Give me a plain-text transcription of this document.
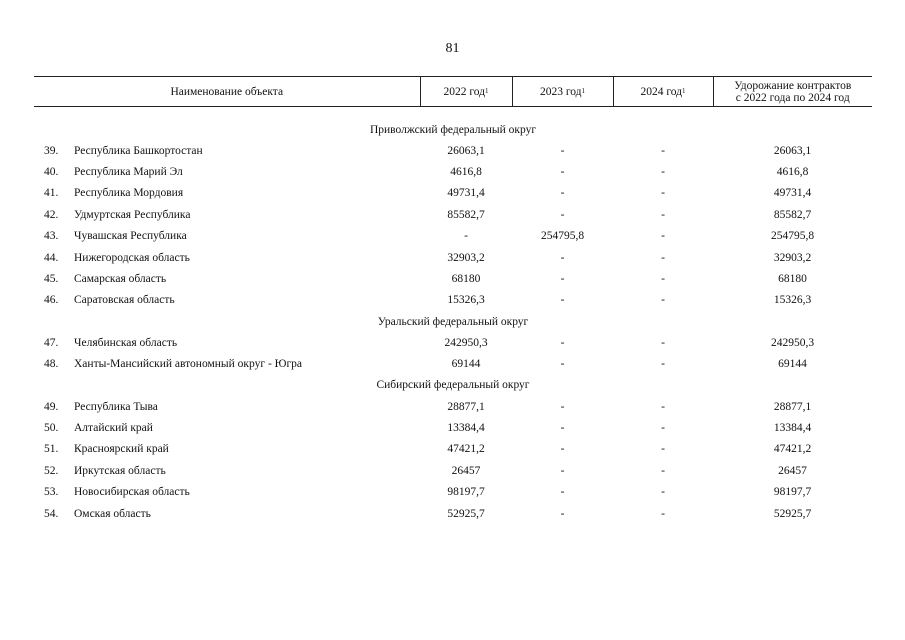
81
Наименование объекта		2022 год$^1$	2023 год$^1$	2024 год$^1$	Удорожание контрактов
с 2022 года по 2024 год

Приволжский федеральный округ					
39.	Республика Башкортостан	26063,1	-	-	26063,1
40.	Республика Марий Эл	4616,8	-	-	4616,8
41.	Республика Мордовия	49731,4	-	-	49731,4
42.	Удмуртская Республика	85582,7	-	-	85582,7
43.	Чувашская Республика	-	254795,8	-	254795,8
44.	Нижегородская область	32903,2	-	-	32903,2
45.	Самарская область	68180	-	-	68180
46.	Саратовская область	15326,3	-	-	15326,3
Уральский федеральный округ					
47.	Челябинская область	242950,3	-	-	242950,3
48.	Ханты-Мансийский автономный округ - Югра	69144	-	-	69144
Сибирский федеральный округ					
49.	Республика Тыва	28877,1	-	-	28877,1
50.	Алтайский край	13384,4	-	-	13384,4
51.	Красноярский край	47421,2	-	-	47421,2
52.	Иркутская область	26457	-	-	26457
53.	Новосибирская область	98197,7	-	-	98197,7
54.	Омская область	52925,7	-	-	52925,7
